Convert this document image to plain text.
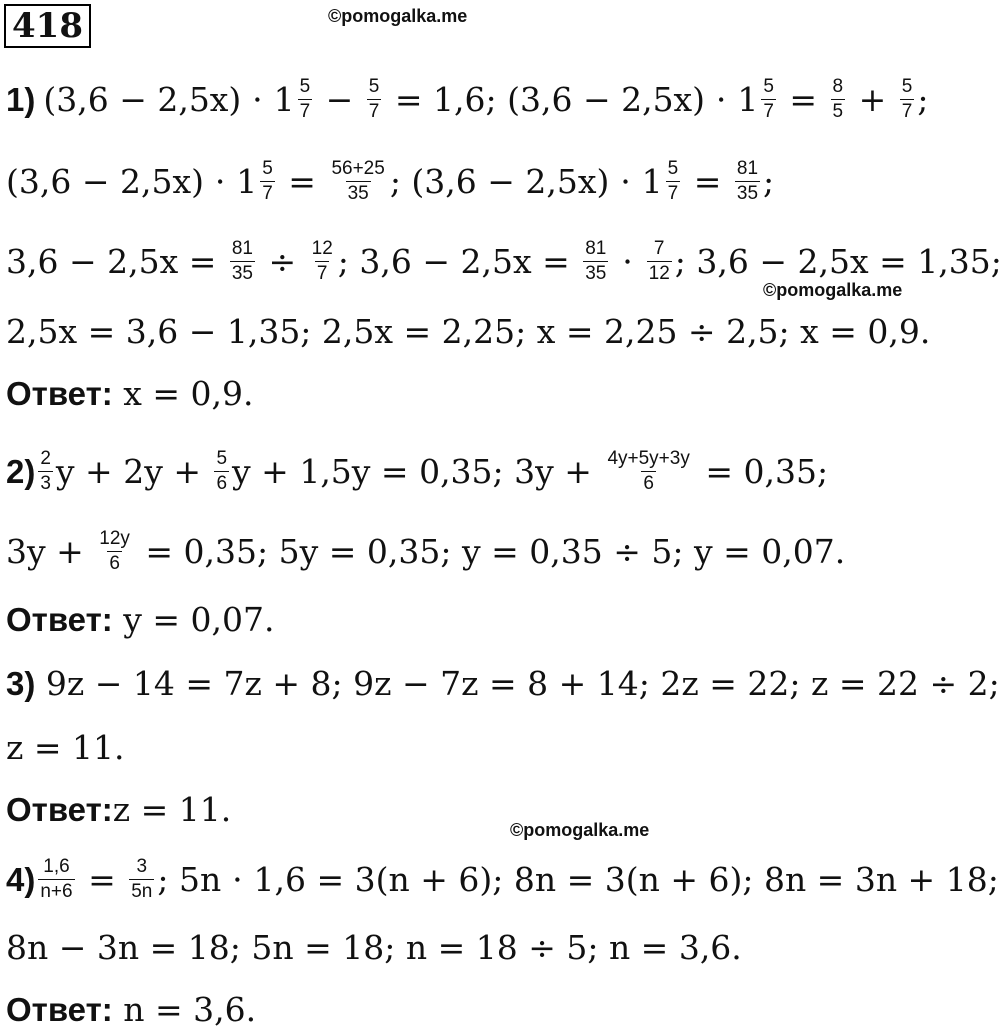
418	©pomogalka.me
©pomogalka.me
©pomogalka.me
1) $(3,6 - 2,5x) \cdot 1 \frac{5}{7} - \frac{5}{7} = 1,6$; $(3,6 - 2,5x) \cdot 1 \frac{5}{7} = \frac{8}{5} + \frac{5}{7}$ ;
$(3,6 - 2,5x) \cdot 1 \frac{5}{7} = \frac{56+25}{35}$ ; $(3,6 - 2,5x) \cdot 1 \frac{5}{7} = \frac{81}{35}$ ;
$3,6 - 2,5x = \frac{81}{35} \div \frac{12}{7}$ ; $3,6 - 2,5x = \frac{81}{35} \cdot \frac{7}{12}$ ; 3,6 − 2,5x = 1,35;
2,5x = 3,6 − 1,35; 2,5x = 2,25; x = 2,25 ÷ 2,5; x = 0,9.
Ответ: x = 0,9.
$2) \frac{2}{3}$ $y + 2y + \frac{5}{6}$ y + 1,5y = 0,35; $3y + \frac{4y+5y+3y}{6} = 0,35$;
$3y + \frac{12y}{6} = 0,35$; 5y = 0,35; y = 0,35 ÷ 5; y = 0,07.
Ответ: y = 0,07.
3) 9z − 14 = 7z + 8; 9z − 7z = 8 + 14; 2z = 22; z = 22 ÷ 2;
z = 11.
Ответ: z = 11.
$4) \frac{1,6}{n+6} = \frac{3}{5n}$ ; 5n ⋅ 1,6 = 3(n + 6); 8n = 3(n + 6); 8n = 3n + 18;
8n − 3n = 18; 5n = 18; n = 18 ÷ 5; n = 3,6.
Ответ: n = 3,6.
